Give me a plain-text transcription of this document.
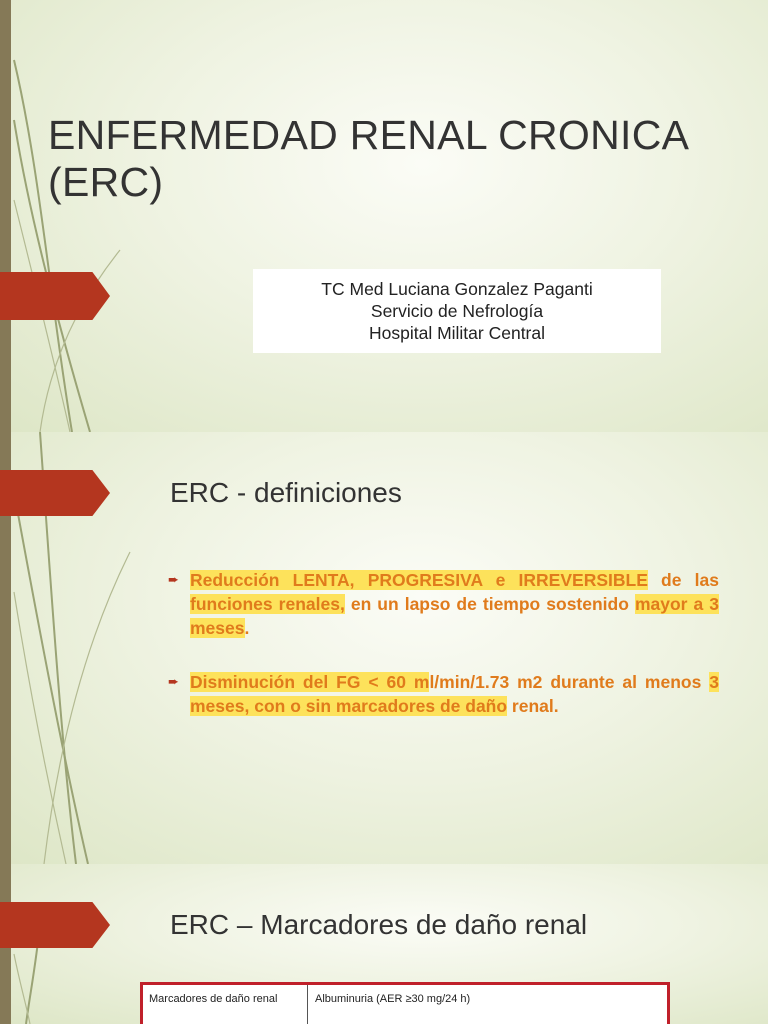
ENFERMEDAD RENAL CRONICA (ERC)
TC Med Luciana Gonzalez Paganti
Servicio de Nefrología
Hospital Militar Central
ERC - definiciones
➨ Reducción LENTA, PROGRESIVA e IRREVERSIBLE de las funciones renales, en un lapso de tiempo sostenido mayor a 3 meses.
➨ Disminución del FG < 60 ml/min/1.73 m2 durante al menos 3 meses, con o sin marcadores de daño renal.
ERC – Marcadores de daño renal
Marcadores de daño renal	Albuminuria (AER ≥30 mg/24 h)
